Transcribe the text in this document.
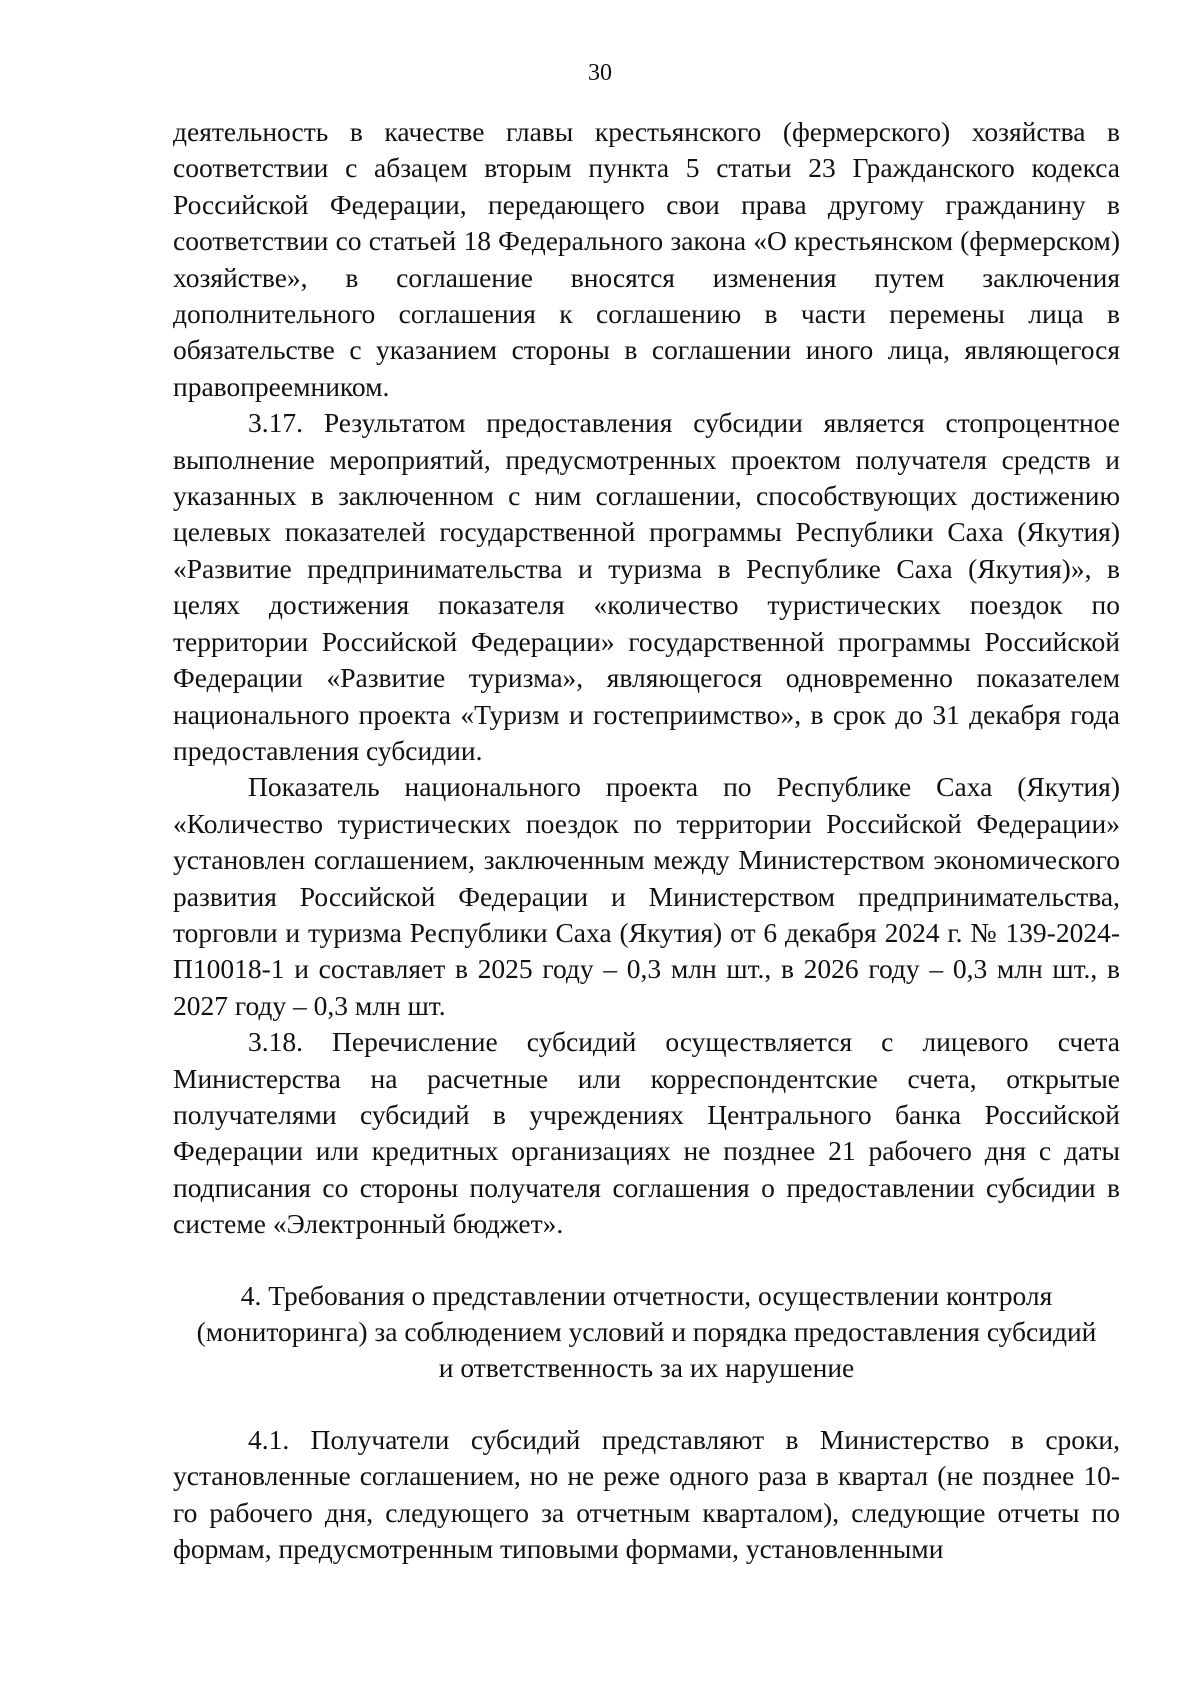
30

деятельность в качестве главы крестьянского (фермерского) хозяйства в соответствии с абзацем вторым пункта 5 статьи 23 Гражданского кодекса Российской Федерации, передающего свои права другому гражданину в соответствии со статьей 18 Федерального закона «О крестьянском (фермерском) хозяйстве», в соглашение вносятся изменения путем заключения дополнительного соглашения к соглашению в части перемены лица в обязательстве с указанием стороны в соглашении иного лица, являющегося правопреемником.

3.17. Результатом предоставления субсидии является стопроцентное выполнение мероприятий, предусмотренных проектом получателя средств и указанных в заключенном с ним соглашении, способствующих достижению целевых показателей государственной программы Республики Саха (Якутия) «Развитие предпринимательства и туризма в Республике Саха (Якутия)», в целях достижения показателя «количество туристических поездок по территории Российской Федерации» государственной программы Российской Федерации «Развитие туризма», являющегося одновременно показателем национального проекта «Туризм и гостеприимство», в срок до 31 декабря года предоставления субсидии.

Показатель национального проекта по Республике Саха (Якутия) «Количество туристических поездок по территории Российской Федерации» установлен соглашением, заключенным между Министерством экономического развития Российской Федерации и Министерством предпринимательства, торговли и туризма Республики Саха (Якутия) от 6 декабря 2024 г. № 139-2024-П10018-1 и составляет в 2025 году – 0,3 млн шт., в 2026 году – 0,3 млн шт., в 2027 году – 0,3 млн шт.

3.18. Перечисление субсидий осуществляется с лицевого счета Министерства на расчетные или корреспондентские счета, открытые получателями субсидий в учреждениях Центрального банка Российской Федерации или кредитных организациях не позднее 21 рабочего дня с даты подписания со стороны получателя соглашения о предоставлении субсидии в системе «Электронный бюджет».

4. Требования о представлении отчетности, осуществлении контроля
(мониторинга) за соблюдением условий и порядка предоставления субсидий
и ответственность за их нарушение

4.1. Получатели субсидий представляют в Министерство в сроки, установленные соглашением, но не реже одного раза в квартал (не позднее 10-го рабочего дня, следующего за отчетным кварталом), следующие отчеты по формам, предусмотренным типовыми формами, установленными
